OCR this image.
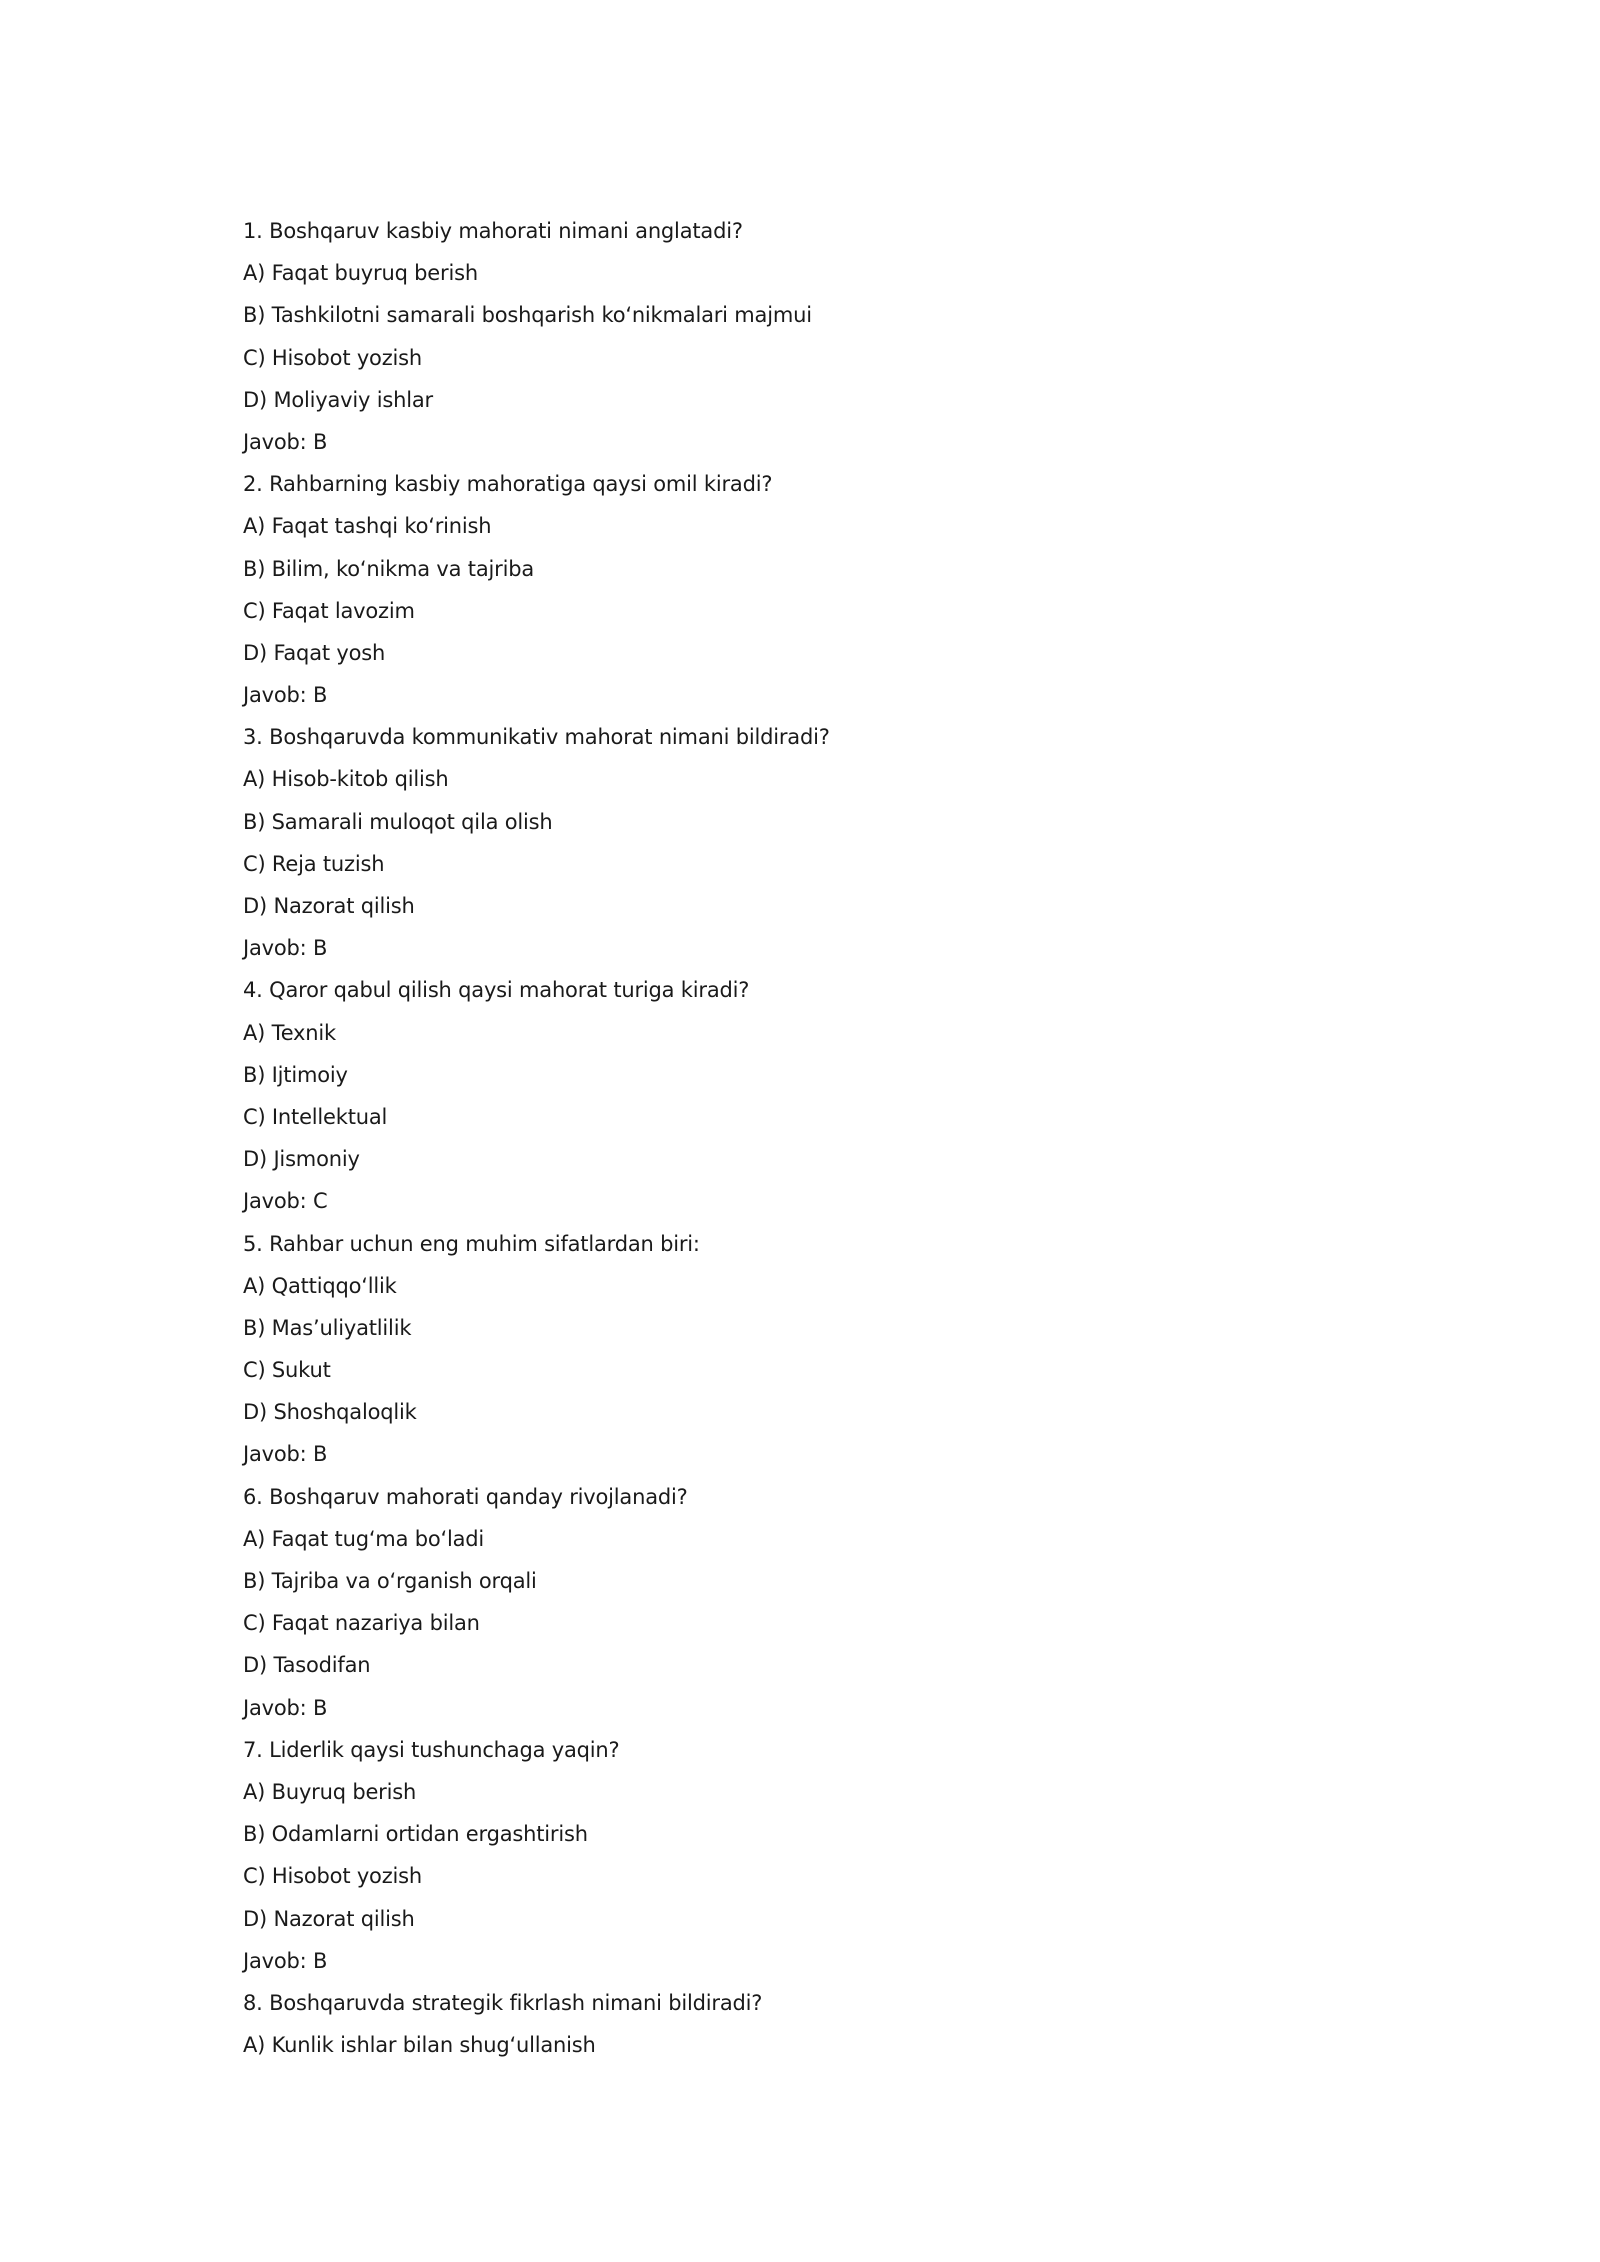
1. Boshqaruv kasbiy mahorati nimani anglatadi?
A) Faqat buyruq berish
B) Tashkilotni samarali boshqarish ko‘nikmalari majmui
C) Hisobot yozish
D) Moliyaviy ishlar
Javob: B
2. Rahbarning kasbiy mahoratiga qaysi omil kiradi?
A) Faqat tashqi ko‘rinish
B) Bilim, ko‘nikma va tajriba
C) Faqat lavozim
D) Faqat yosh
Javob: B
3. Boshqaruvda kommunikativ mahorat nimani bildiradi?
A) Hisob-kitob qilish
B) Samarali muloqot qila olish
C) Reja tuzish
D) Nazorat qilish
Javob: B
4. Qaror qabul qilish qaysi mahorat turiga kiradi?
A) Texnik
B) Ijtimoiy
C) Intellektual
D) Jismoniy
Javob: C
5. Rahbar uchun eng muhim sifatlardan biri:
A) Qattiqqo‘llik
B) Mas’uliyatlilik
C) Sukut
D) Shoshqaloqlik
Javob: B
6. Boshqaruv mahorati qanday rivojlanadi?
A) Faqat tug‘ma bo‘ladi
B) Tajriba va o‘rganish orqali
C) Faqat nazariya bilan
D) Tasodifan
Javob: B
7. Liderlik qaysi tushunchaga yaqin?
A) Buyruq berish
B) Odamlarni ortidan ergashtirish
C) Hisobot yozish
D) Nazorat qilish
Javob: B
8. Boshqaruvda strategik fikrlash nimani bildiradi?
A) Kunlik ishlar bilan shug‘ullanish
